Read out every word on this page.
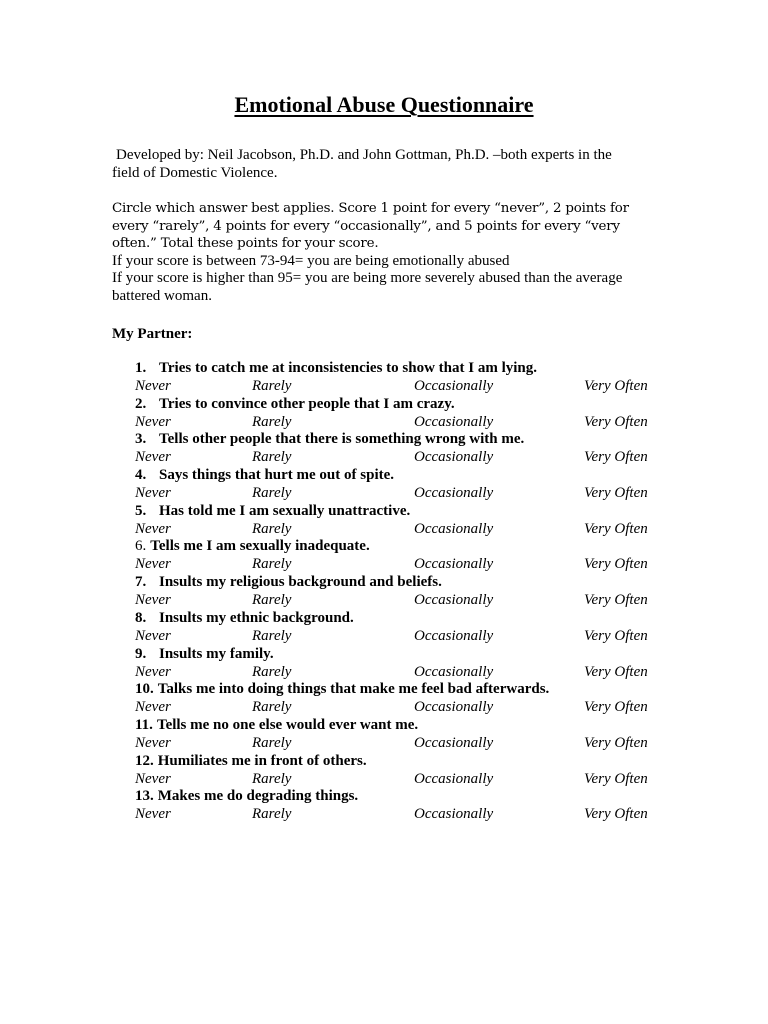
Emotional Abuse Questionnaire

Developed by: Neil Jacobson, Ph.D. and John Gottman, Ph.D. –both experts in the field of Domestic Violence.

Circle which answer best applies. Score 1 point for every “never”, 2 points for every “rarely”, 4 points for every “occasionally”, and 5 points for every “very often.” Total these points for your score.

If your score is between 73-94= you are being emotionally abused

If your score is higher than 95= you are being more severely abused than the average battered woman.

My Partner:
1. Tries to catch me at inconsistencies to show that I am lying.
Never	Rarely	Occasionally	Very Often
2. Tries to convince other people that I am crazy.
Never	Rarely	Occasionally	Very Often
3. Tells other people that there is something wrong with me.
Never	Rarely	Occasionally	Very Often
4. Says things that hurt me out of spite.
Never	Rarely	Occasionally	Very Often
5. Has told me I am sexually unattractive.
Never	Rarely	Occasionally	Very Often
6. Tells me I am sexually inadequate.
Never	Rarely	Occasionally	Very Often
7. Insults my religious background and beliefs.
Never	Rarely	Occasionally	Very Often
8. Insults my ethnic background.
Never	Rarely	Occasionally	Very Often
9. Insults my family.
Never	Rarely	Occasionally	Very Often
10. Talks me into doing things that make me feel bad afterwards.
Never	Rarely	Occasionally	Very Often
11. Tells me no one else would ever want me.
Never	Rarely	Occasionally	Very Often
12. Humiliates me in front of others.
Never	Rarely	Occasionally	Very Often
13. Makes me do degrading things.
Never	Rarely	Occasionally	Very Often
